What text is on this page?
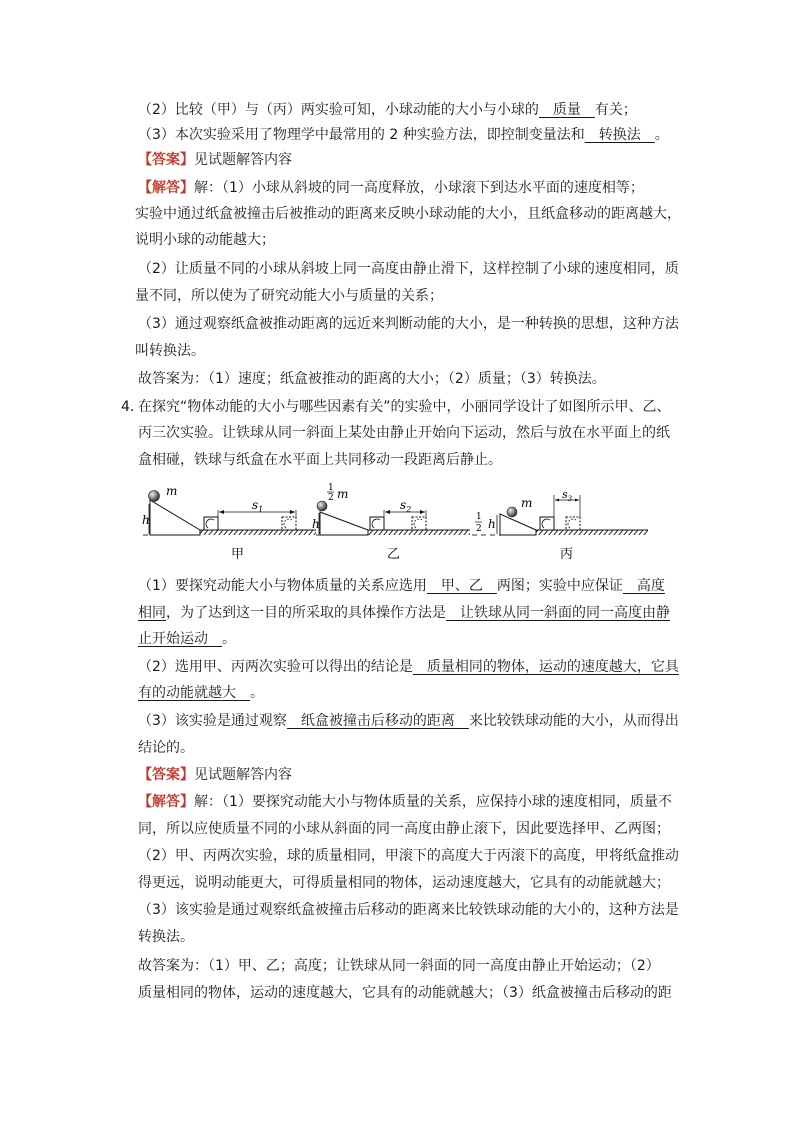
（2）比较（甲）与（丙）两实验可知，小球动能的大小与小球的　质量　有关；
（3）本次实验采用了物理学中最常用的 2 种实验方法，即控制变量法和　转换法　。
【答案】见试题解答内容
【解答】解：（1）小球从斜坡的同一高度释放，小球滚下到达水平面的速度相等；
实验中通过纸盒被撞击后被推动的距离来反映小球动能的大小，且纸盒移动的距离越大，
说明小球的动能越大；
（2）让质量不同的小球从斜坡上同一高度由静止滑下，这样控制了小球的速度相同，质
量不同，所以使为了研究动能大小与质量的关系；
（3）通过观察纸盒被推动距离的远近来判断动能的大小，是一种转换的思想，这种方法
叫转换法。
故答案为：（1）速度；纸盒被推动的距离的大小；（2）质量；（3）转换法。
4．
在探究“物体动能的大小与哪些因素有关”的实验中，小丽同学设计了如图所示甲、乙、
丙三次实验。让铁球从同一斜面上某处由静止开始向下运动，然后与放在水平面上的纸
盒相碰，铁球与纸盒在水平面上共同移动一段距离后静止。
h
m
$s_1$
甲
h
1
2 m
$s_2$
乙
1
2 h
m
$s_3$
丙
（1）要探究动能大小与物体质量的关系应选用　甲、乙　两图；实验中应保证　高度
相同，为了达到这一目的所采取的具体操作方法是　让铁球从同一斜面的同一高度由静
止开始运动　。
（2）选用甲、丙两次实验可以得出的结论是　质量相同的物体，运动的速度越大，它具
有的动能就越大　。
（3）该实验是通过观察　纸盒被撞击后移动的距离　来比较铁球动能的大小，从而得出
结论的。
【答案】见试题解答内容
【解答】解：（1）要探究动能大小与物体质量的关系，应保持小球的速度相同，质量不
同，所以应使质量不同的小球从斜面的同一高度由静止滚下，因此要选择甲、乙两图；
（2）甲、丙两次实验，球的质量相同，甲滚下的高度大于丙滚下的高度，甲将纸盒推动
得更远，说明动能更大，可得质量相同的物体，运动速度越大，它具有的动能就越大；
（3）该实验是通过观察纸盒被撞击后移动的距离来比较铁球动能的大小的，这种方法是
转换法。
故答案为：（1）甲、乙；高度；让铁球从同一斜面的同一高度由静止开始运动；（2）
质量相同的物体，运动的速度越大，它具有的动能就越大；（3）纸盒被撞击后移动的距
